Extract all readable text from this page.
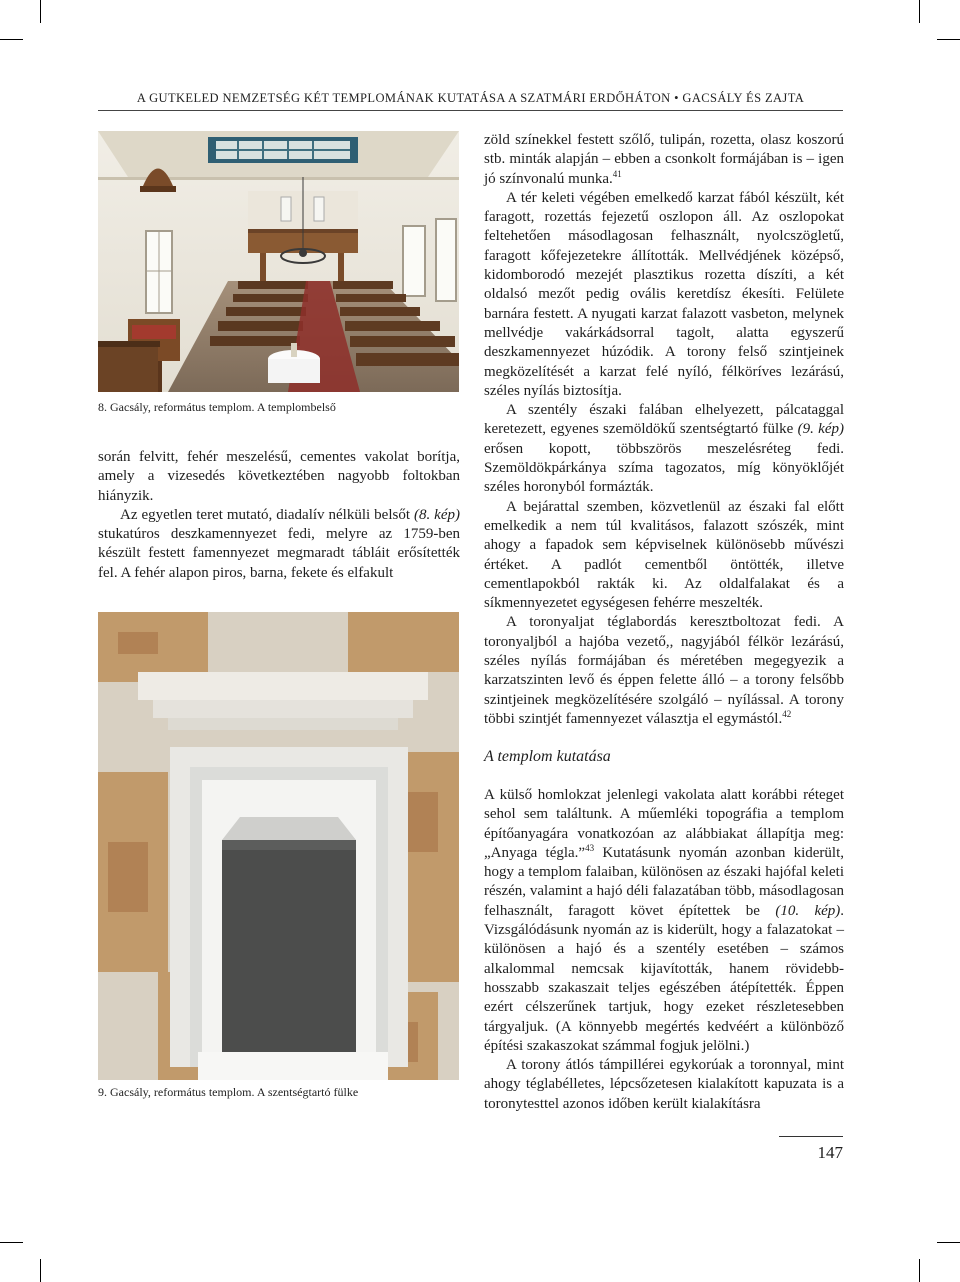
A GUTKELED NEMZETSÉG KÉT TEMPLOMÁNAK KUTATÁSA A SZATMÁRI ERDŐHÁTON • GACSÁLY ÉS ZAJTA
8. Gacsály, református templom. A templombelső

során felvitt, fehér meszelésű, cementes vakolat borítja, amely a vizesedés következtében nagyobb foltokban hiányzik.

Az egyetlen teret mutató, diadalív nélküli belsőt (8. kép) stukatúros deszkamennyezet fedi, melyre az 1759-ben készült festett famennyezet megmaradt tábláit erősítették fel. A fehér alapon piros, barna, fekete és elfakult

9. Gacsály, református templom. A szentségtartó fülke

zöld színekkel festett szőlő, tulipán, rozetta, olasz koszorú stb. minták alapján – ebben a csonkolt formájában is – igen jó színvonalú munka.$^{41}$

A tér keleti végében emelkedő karzat fából készült, két faragott, rozettás fejezetű oszlopon áll. Az oszlopokat feltehetően másodlagosan felhasznált, nyolcszögletű, faragott kőfejezetekre állították. Mellvédjének középső, kidomborodó mezejét plasztikus rozetta díszíti, a két oldalsó mezőt pedig ovális keretdísz ékesíti. Felülete barnára festett. A nyugati karzat falazott vasbeton, melynek mellvédje vakárkádsorral tagolt, alatta egyszerű deszkamennyezet húzódik. A torony felső szintjeinek megközelítését a karzat felé nyíló, félköríves lezárású, széles nyílás biztosítja.

A szentély északi falában elhelyezett, pálcataggal keretezett, egyenes szemöldökű szentségtartó fülke (9. kép) erősen kopott, többszörös meszelésréteg fedi. Szemöldökpárkánya szíma tagozatos, míg könyöklőjét széles horonyból formázták.

A bejárattal szemben, közvetlenül az északi fal előtt emelkedik a nem túl kvalitásos, falazott szószék, mint ahogy a fapadok sem képviselnek különösebb művészi értéket. A padlót cementből öntötték, illetve cementlapokból rakták ki. Az oldalfalakat és a síkmennyezetet egységesen fehérre meszelték.

A toronyaljat téglabordás keresztboltozat fedi. A toronyaljból a hajóba vezető,, nagyjából félkör lezárású, széles nyílás formájában és méretében megegyezik a karzatszinten levő és éppen felette álló – a torony felsőbb szintjeinek megközelítésére szolgáló – nyílással. A torony többi szintjét famennyezet választja el egymástól.$^{42}$

A templom kutatása

A külső homlokzat jelenlegi vakolata alatt korábbi réteget sehol sem találtunk. A műemléki topográfia a templom építőanyagára vonatkozóan az alábbiakat állapítja meg: „Anyaga tégla.”$^{43}$ Kutatásunk nyomán azonban kiderült, hogy a templom falaiban, különösen az északi hajófal keleti részén, valamint a hajó déli falazatában több, másodlagosan felhasznált, faragott követ építettek be (10. kép). Vizsgálódásunk nyomán az is kiderült, hogy a falazatokat – különösen a hajó és a szentély esetében – számos alkalommal nemcsak kijavították, hanem rövidebb-hosszabb szakaszait teljes egészében átépítették. Éppen ezért célszerűnek tartjuk, hogy ezeket részletesebben tárgyaljuk. (A könnyebb megértés kedvéért a különböző építési szakaszokat számmal fogjuk jelölni.)

A torony átlós támpillérei egykorúak a toronnyal, mint ahogy téglabélletes, lépcsőzetesen kialakított kapuzata is a toronytesttel azonos időben került kialakításra

147
